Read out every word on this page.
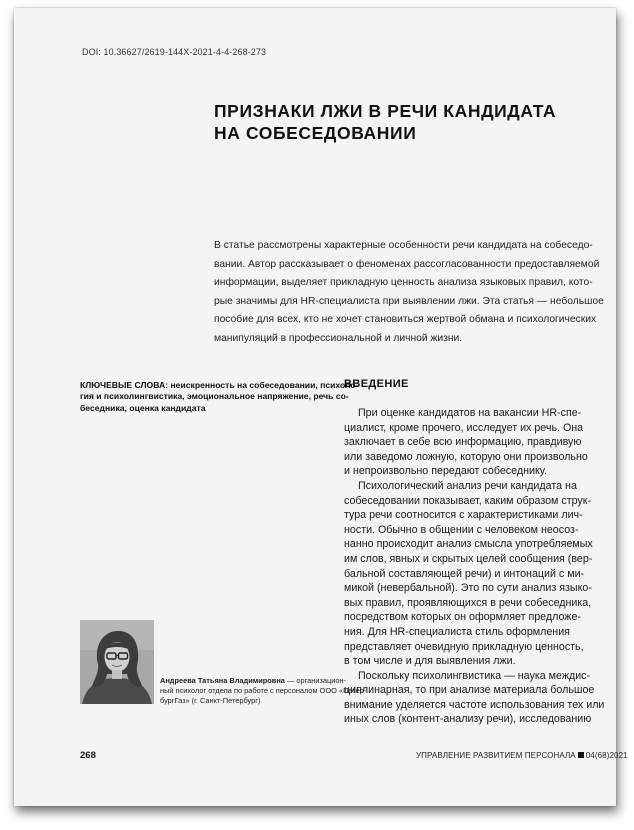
DOI: 10.36627/2619-144X-2021-4-4-268-273
ПРИЗНАКИ ЛЖИ В РЕЧИ КАНДИДАТА
НА СОБЕСЕДОВАНИИ
В статье рассмотрены характерные особенности речи кандидата на собеседо-
вании. Автор рассказывает о феноменах рассогласованности предоставляемой
информации, выделяет прикладную ценность анализа языковых правил, кото-
рые значимы для HR-специалиста при выявлении лжи. Эта статья — небольшое
пособие для всех, кто не хочет становиться жертвой обмана и психологических
манипуляций в профессиональной и личной жизни.
КЛЮЧЕВЫЕ СЛОВА: неискренность на собеседовании, психоло-
гия и психолингвистика, эмоциональное напряжение, речь со-
беседника, оценка кандидата
ВВЕДЕНИЕ
При оценке кандидатов на вакансии HR-спе-
циалист, кроме прочего, исследует их речь. Она
заключает в себе всю информацию, правдивую
или заведомо ложную, которую они произвольно
и непроизвольно передают собеседнику.
Психологический анализ речи кандидата на
собеседовании показывает, каким образом струк-
тура речи соотносится с характеристиками лич-
ности. Обычно в общении с человеком неосоз-
нанно происходит анализ смысла употребляемых
им слов, явных и скрытых целей сообщения (вер-
бальной составляющей речи) и интонаций с ми-
микой (невербальной). Это по сути анализ языко-
вых правил, проявляющихся в речи собеседника,
посредством которых он оформляет предложе-
ния. Для HR-специалиста стиль оформления
представляет очевидную прикладную ценность,
в том числе и для выявления лжи.
Поскольку психолингвистика — наука междис-
циплинарная, то при анализе материала большое
внимание уделяется частоте использования тех или
иных слов (контент-анализу речи), исследованию
Андреева Татьяна Владимировна — организацион-
ный психолог отдела по работе с персоналом ООО «Петер-
бургГаз» (г. Санкт-Петербург)
268	УПРАВЛЕНИЕ РАЗВИТИЕМ ПЕРСОНАЛА 04(68)2021
